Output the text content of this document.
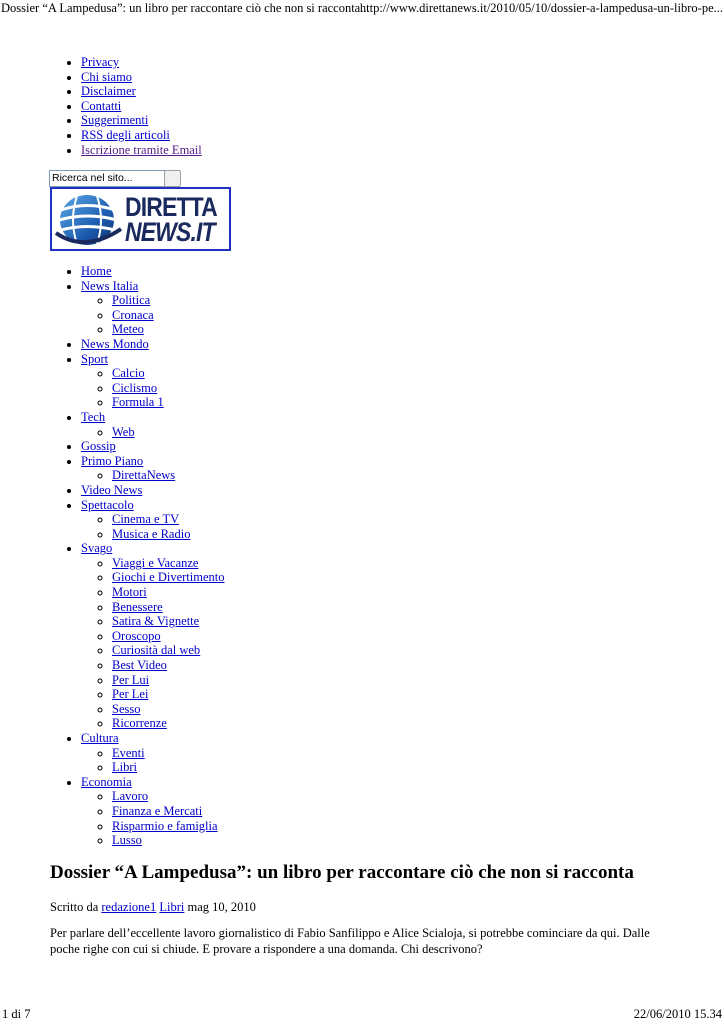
Dossier “A Lampedusa”: un libro per raccontare ciò che non si racconta...
http://www.direttanews.it/2010/05/10/dossier-a-lampedusa-un-libro-pe...
• Privacy
• Chi siamo
• Disclaimer
• Contatti
• Suggerimenti
• RSS degli articoli
• Iscrizione tramite Email
Ricerca nel sito...
DIRETTA
NEWS.IT
• Home
• News Italia
◦ Politica
◦ Cronaca
◦ Meteo
• News Mondo
• Sport
◦ Calcio
◦ Ciclismo
◦ Formula 1
• Tech
◦ Web
• Gossip
• Primo Piano
◦ DirettaNews
• Video News
• Spettacolo
◦ Cinema e TV
◦ Musica e Radio
• Svago
◦ Viaggi e Vacanze
◦ Giochi e Divertimento
◦ Motori
◦ Benessere
◦ Satira & Vignette
◦ Oroscopo
◦ Curiosità dal web
◦ Best Video
◦ Per Lui
◦ Per Lei
◦ Sesso
◦ Ricorrenze
• Cultura
◦ Eventi
◦ Libri
• Economia
◦ Lavoro
◦ Finanza e Mercati
◦ Risparmio e famiglia
◦ Lusso
Dossier “A Lampedusa”: un libro per raccontare ciò che non si racconta
Scritto da redazione1 Libri mag 10, 2010

Per parlare dell’eccellente lavoro giornalistico di Fabio Sanfilippo e Alice Scialoja, si potrebbe cominciare da qui. Dalle poche righe con cui si chiude. E provare a rispondere a una domanda. Chi descrivono?

1 di 7	22/06/2010 15.34
